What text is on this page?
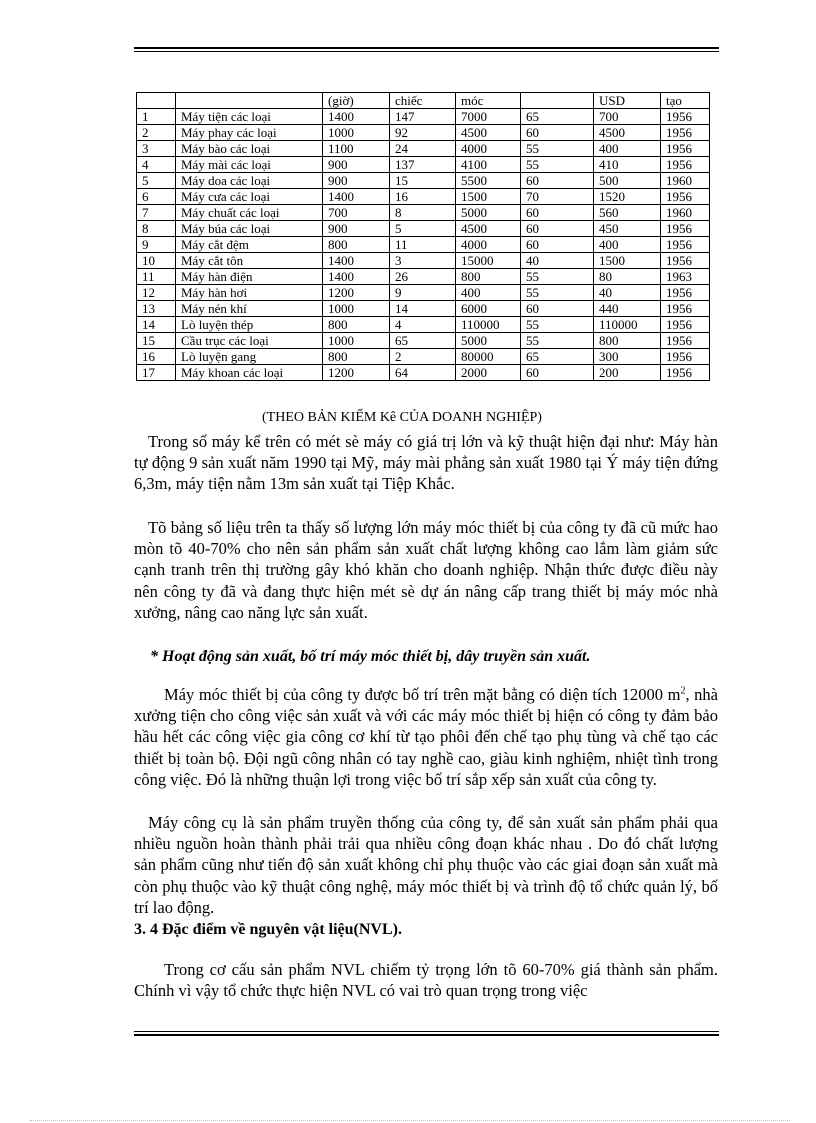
		(giờ)	chiếc	móc		USD	tạo
1	Máy tiện các loại	1400	147	7000	65	700	1956
2	Máy phay các loại	1000	92	4500	60	4500	1956
3	Máy bào các loại	1100	24	4000	55	400	1956
4	Máy mài các loại	900	137	4100	55	410	1956
5	Máy doa các loại	900	15	5500	60	500	1960
6	Máy cưa các loại	1400	16	1500	70	1520	1956
7	Máy chuất các loại	700	8	5000	60	560	1960
8	Máy búa các loại	900	5	4500	60	450	1956
9	Máy cắt đệm	800	11	4000	60	400	1956
10	Máy cắt tôn	1400	3	15000	40	1500	1956
11	Máy hàn điện	1400	26	800	55	80	1963
12	Máy hàn hơi	1200	9	400	55	40	1956
13	Máy nén khí	1000	14	6000	60	440	1956
14	Lò luyện thép	800	4	110000	55	110000	1956
15	Cầu trục các loại	1000	65	5000	55	800	1956
16	Lò luyện gang	800	2	80000	65	300	1956
17	Máy khoan các loại	1200	64	2000	60	200	1956
(THEO BẢN KIỂM Kê CỦA DOANH NGHIỆP)

Trong số máy kể trên có mét sè máy có giá trị lớn và kỹ thuật hiện đại như: Máy hàn tự động 9 sản xuất năm 1990 tại Mỹ, máy mài phẳng sản xuất 1980 tại Ý máy tiện đứng 6,3m, máy tiện nằm 13m sản xuất tại Tiệp Khắc.

Tõ bảng số liệu trên ta thấy số lượng lớn máy móc thiết bị của công ty đã cũ mức hao mòn tõ 40-70% cho nên sản phẩm sản xuất chất lượng không cao lắm làm giảm sức cạnh tranh trên thị trường gây khó khăn cho doanh nghiệp. Nhận thức được điều này nên công ty đã và đang thực hiện mét sè dự án nâng cấp trang thiết bị máy móc nhà xưởng, nâng cao năng lực sản xuất.

* Hoạt động sản xuất, bố trí máy móc thiết bị, dây truyền sản xuất.

Máy móc thiết bị của công ty được bố trí trên mặt bằng có diện tích 12000 $m^2$, nhà xưởng tiện cho công việc sản xuất và với các máy móc thiết bị hiện có công ty đảm bảo hầu hết các công việc gia công cơ khí từ tạo phôi đến chế tạo phụ tùng và chế tạo các thiết bị toàn bộ. Đội ngũ công nhân có tay nghề cao, giàu kinh nghiệm, nhiệt tình trong công việc. Đó là những thuận lợi trong việc bố trí sắp xếp sản xuất của công ty.

Máy công cụ là sản phẩm truyền thống của công ty, để sản xuất sản phẩm phải qua nhiều nguồn hoàn thành phải trải qua nhiều công đoạn khác nhau . Do đó chất lượng sản phẩm cũng như tiến độ sản xuất không chỉ phụ thuộc vào các giai đoạn sản xuất mà còn phụ thuộc vào kỹ thuật công nghệ, máy móc thiết bị và trình độ tổ chức quản lý, bố trí lao động.

3. 4 Đặc điểm về nguyên vật liệu(NVL).

Trong cơ cấu sản phẩm NVL chiếm tỷ trọng lớn tõ 60-70% giá thành sản phẩm. Chính vì vậy tổ chức thực hiện NVL có vai trò quan trọng trong việc
